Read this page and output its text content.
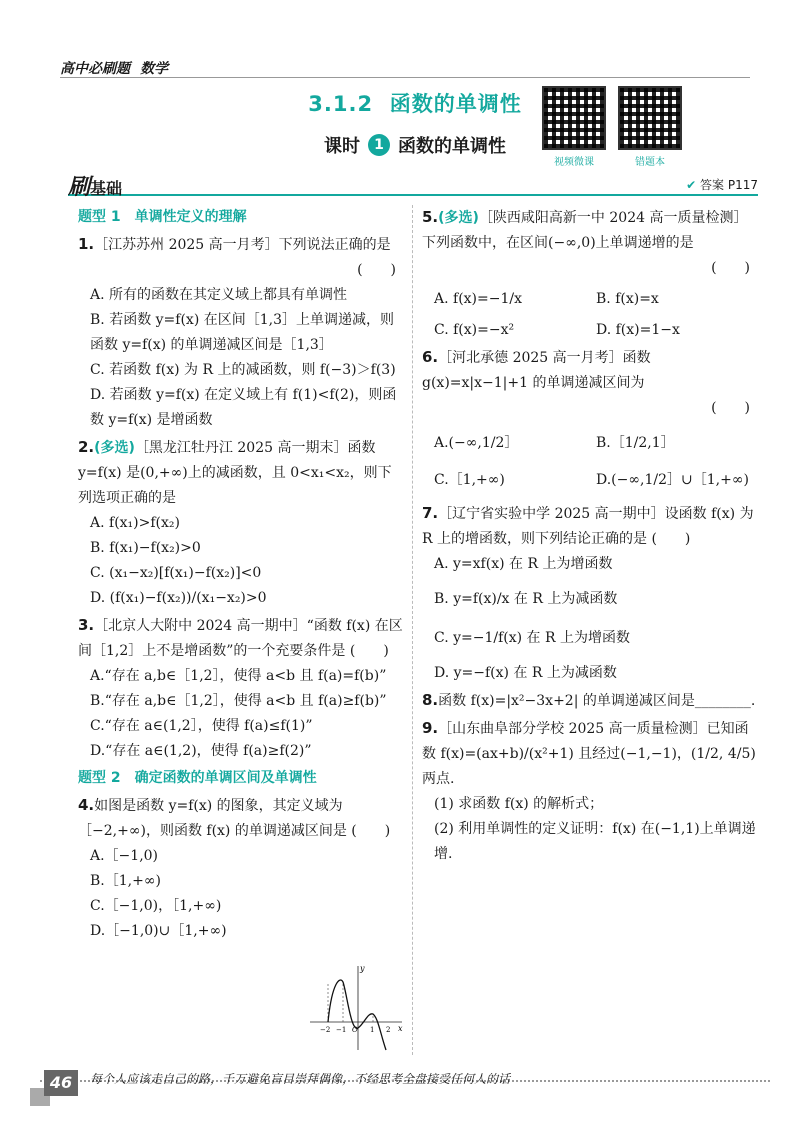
高中必刷题 数学
3.1.2 函数的单调性
课时	1 函数的单调性
视频微课	错题本
刷基础	✔ 答案 P117
题型 1　单调性定义的理解
1.［江苏苏州 2025 高一月考］下列说法正确的是
(　　)
A. 所有的函数在其定义域上都具有单调性
B. 若函数 y=f(x) 在区间［1,3］上单调递减，则函数 y=f(x) 的单调递减区间是［1,3］
C. 若函数 f(x) 为 R 上的减函数，则 f(−3)＞f(3)
D. 若函数 y=f(x) 在定义域上有 f(1)<f(2)，则函数 y=f(x) 是增函数
2.(多选)［黑龙江牡丹江 2025 高一期末］函数 y=f(x) 是(0,+∞)上的减函数，且 0<x₁<x₂，则下列选项正确的是
A. f(x₁)>f(x₂)
B. f(x₁)−f(x₂)>0
C. (x₁−x₂)[f(x₁)−f(x₂)]<0
D. (f(x₁)−f(x₂))/(x₁−x₂)>0
3.［北京人大附中 2024 高一期中］“函数 f(x) 在区间［1,2］上不是增函数”的一个充要条件是 (　　)
A.“存在 a,b∈［1,2］，使得 a<b 且 f(a)=f(b)”
B.“存在 a,b∈［1,2］，使得 a<b 且 f(a)≥f(b)”
C.“存在 a∈(1,2］，使得 f(a)≤f(1)”
D.“存在 a∈(1,2)，使得 f(a)≥f(2)”
题型 2　确定函数的单调区间及单调性
4.如图是函数 y=f(x) 的图象，其定义域为［−2,+∞)，则函数 f(x) 的单调递减区间是 (　　)
A.［−1,0)
B.［1,+∞)
C.［−1,0)，［1,+∞)
D.［−1,0)∪［1,+∞)
y
x
−2 −1 O 1 2
5.(多选)［陕西咸阳高新一中 2024 高一质量检测］下列函数中，在区间(−∞,0)上单调递增的是
(　　)
A. f(x)=−1/x	B. f(x)=x
C. f(x)=−x²	D. f(x)=1−x
6.［河北承德 2025 高一月考］函数 g(x)=x|x−1|+1 的单调递减区间为
(　　)
A.(−∞,1/2］	B.［1/2,1］
C.［1,+∞)	D.(−∞,1/2］∪［1,+∞)
7.［辽宁省实验中学 2025 高一期中］设函数 f(x) 为 R 上的增函数，则下列结论正确的是 (　　)
A. y=xf(x) 在 R 上为增函数
B. y=f(x)/x 在 R 上为减函数
C. y=−1/f(x) 在 R 上为增函数
D. y=−f(x) 在 R 上为减函数
8.函数 f(x)=|x²−3x+2| 的单调递减区间是________.
9.［山东曲阜部分学校 2025 高一质量检测］已知函数 f(x)=(ax+b)/(x²+1) 且经过(−1,−1)，(1/2, 4/5) 两点.
(1) 求函数 f(x) 的解析式；
(2) 利用单调性的定义证明：f(x) 在(−1,1)上单调递增.
46	每个人应该走自己的路，千万避免盲目崇拜偶像，不经思考全盘接受任何人的话
